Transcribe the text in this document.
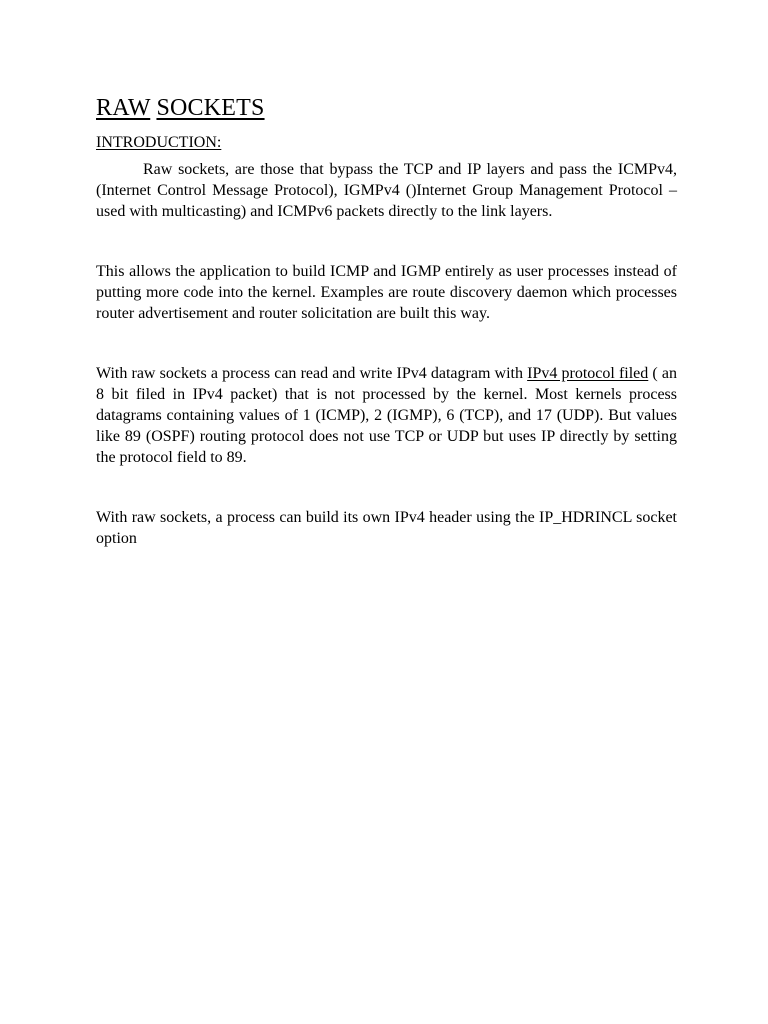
RAW SOCKETS
INTRODUCTION:

Raw sockets, are those that bypass the TCP and IP layers and pass the ICMPv4, (Internet Control Message Protocol), IGMPv4 ()Internet Group Management Protocol – used with multicasting) and ICMPv6 packets directly to the link layers.

This allows the application to build ICMP and IGMP entirely as user processes instead of putting more code into the kernel. Examples are route discovery daemon which processes router advertisement and router solicitation are built this way.

With raw sockets a process can read and write IPv4 datagram with IPv4 protocol filed ( an 8 bit filed in IPv4 packet) that is not processed by the kernel. Most kernels process datagrams containing values of 1 (ICMP), 2 (IGMP), 6 (TCP), and 17 (UDP). But values like 89 (OSPF) routing protocol does not use TCP or UDP but uses IP directly by setting the protocol field to 89.

With raw sockets, a process can build its own IPv4 header using the IP_HDRINCL socket option
